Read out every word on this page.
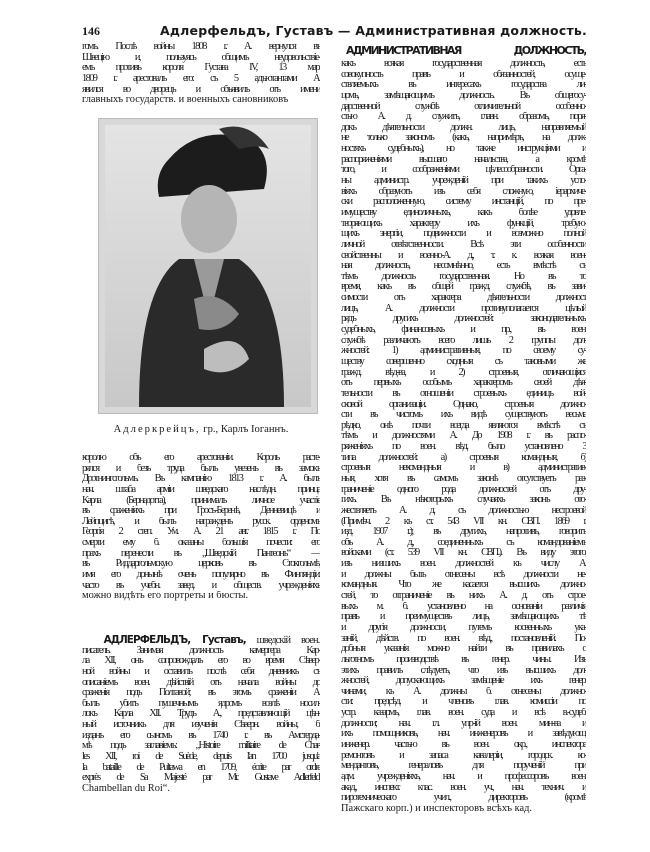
146	Адлерфельдъ, Густавъ — Административная должность.
гомъ. Послѣ войны 1808 г. А. вернулся въ
Швецію и, пользуясь общимъ неудовольствіе-
емъ противъ короля Густава IV, 13 мар.
1809 г. арестовалъ его: съ 5 адъютантами А.
явился во дворецъ и объявилъ отъ имени
главныхъ государств. и военныхъ сановниковъ
Адлеркрейцъ, гр., Карлъ Іоганнъ.
королю объ его арестованіи. Король расте-
рялся и безъ труда былъ увезенъ въ замокъ
Дротнингсгольмъ. Въ кампанію 1813 г. А. былъ
нач. штаба арміи шведскаго наслѣдн. принца
Карла (Бернадотта), принималъ личное участіе
въ сраженіяхъ при Гросъ-Беренѣ, Денневицѣ и
Лейпцигѣ, и былъ награжденъ русск. орденомъ
Георгія 2 степ. Ум. А. 21 авг. 1815 г. По
смерти ему б. оказаны большія почести: его
прахъ перенесли въ „Шведскій Пантеонъ“ —
въ Риддаргольмскую церковь въ Стокгольмѣ;
имя его донынѣ очень популярно въ Финляндіи:
часто въ учебн. завед. и обществ. учрежденіяхъ
можно видѣть его портреты и бюсты.
АДЛЕРФЕЛЬДЪ, Густавъ, шведскій воен.
писатель. Занимая должность камергера Кар-
ла XII, онъ сопровождалъ его во время Сѣвер-
ной войны и оставилъ послѣ себя дневникъ съ
описаніемъ воен. дѣйствій отъ начала войны до
сраженія подъ Полтавой; въ этомъ сраженіи А.
былъ убитъ пушечнымъ ядромъ возлѣ носил-
локъ Карла XII. Трудъ А., представляющій цѣн-
ный источникъ для изученія Сѣверн. войны, б.
изданъ его сыномъ въ 1740 г. въ Амстерда-
мѣ подъ заглавіемъ: „Histoire militaire de Char-
les XII, roi de Suède, depuis l'an 1700 jusqu'a
la bataille de Pultawa en 1709, écrite par ordre
exprès de Sa Majesté par Mr. Gustave Adlerfeld,
Chambellan du Roi“.
АДМИНИСТРАТИВНАЯ ДОЛЖНОСТЬ,
какъ всякая государственная должность, есть
совокупность правъ и обязанностей, осуще-
ствляемыхъ въ интересахъ государства ли-
цомъ, замѣщающимъ должность. Въ общегосу-
дарственной службѣ отличительной особенно-
стью А. д. служитъ, главн. образомъ, поря-
докъ дѣятельности должн. лицъ, направляемый
не только закономъ (какъ, напримѣръ, на долж-
ностяхъ судебныхъ), но также инструкціями и
распоряженіями высшаго начальства, а кромѣ
того, и соображеніями цѣлесообразности. Орга-
ны администр. учрежденій при такихъ усло-
віяхъ образуютъ изъ себя сложную, іерархиче-
ски расположенную, систему инстанцій, по пре-
имуществу единоличныхъ, какъ болѣе удовле-
творяющихъ характеру ихъ функцій, требую-
щихъ энергіи, подвижности и возможно полной
личной отвѣтственности. Всѣ эти особенности
свойственны и военно-А. д., т. к. всякая воен-
ная должность, несомнѣнно, есть вмѣстѣ съ
тѣмъ должность государственная. Но въ то
время, какъ въ общей гражд. службѣ, въ зави-
симости отъ характера дѣятельности должност.
лицъ, А. должности противуполагается цѣлый
рядъ другихъ должностей: законодательныхъ,
судебныхъ, финансовыхъ и пр., въ воен.
службѣ различаютъ всего лишь 2 группы дол-
жностей: 1) административныя, по своему су-
ществу совершенно сходныя съ таковыми же
гражд. вѣд-ва, и 2) строевыя, отличающіяся
отъ первыхъ особымъ характеромъ своей дѣя-
тельности въ отношеніи строевыхъ единицъ вой-
сковой организаціи. Однако, строевыя должно-
сти въ чистомъ ихъ видѣ существуютъ весьма
рѣдко, онѣ почти всегда являются вмѣстѣ съ
тѣмъ и должностями А. До 1908 г. въ распо-
ряженіяхъ по воен. вѣд. было установлено 3
типа должностей: а) строевыя командныя, б)
строевыя некомандныя и в) административ-
ныя, хотя въ самомъ законѣ отсутствуетъ раз-
граниченіе одного рода должностей отъ дру-
гихъ. Въ нѣкоторыхъ случаяхъ законъ ото-
жествляетъ А. д. съ должностью нестроевой
(Примѣч. 2 къ ст. 543 VII кн. СВП. 1869 г.
изд. 1907 г.); въ другихъ, напротивъ, говоритъ
объ А. д., соединенныхъ съ командованіемъ
войсками (ст. 539 VII кн. СВП.). Въ виду этого,
изъ низшихъ воен. должностей къ числу А.
и должны быть отнесены всѣ должности не-
командныя. Что же касается высшихъ должно-
стей, то отграниченіе въ нихъ А. д. отъ строе-
выхъ м. б. установлено на основаніи различія
правъ и преимуществъ лицъ, замѣщающихъ тѣ
и другія должности, путемъ косвенныхъ ука-
заній, дѣйств. по воен. вѣд., постановленій. По-
добныя указанія можно найти въ правилахъ о
льготномъ производствѣ въ генер. чины. Изъ
этихъ правилъ слѣдуетъ, что изъ высшихъ дол-
жностей, допускающихъ замѣщеніе ихъ генер.
чинами, къ А. должны б. отнесены должно-
сти: предсѣд. и членовъ глав. комиссіи по
устр. казармъ, глав. воен. суда и всѣ в.-судеб.
должности; нач. гл. упр-ій воен. мин-ва и
ихъ помощниковъ, нач. инженеровъ и завѣдующ.
инженер. частью въ воен. окр., инспектора
ремонтовъ и запаса кавалеріи, городск. ко-
мендантовъ, генераловъ для порученій при
адм. учрежденіяхъ, нач. и профессоровъ воен.
акад., инспект. клас. воен. уч., нач. технич. и
пиротехническаго учил., директоровъ (кромѣ
Пажскаго корп.) и инспекторовъ всѣхъ кад.
